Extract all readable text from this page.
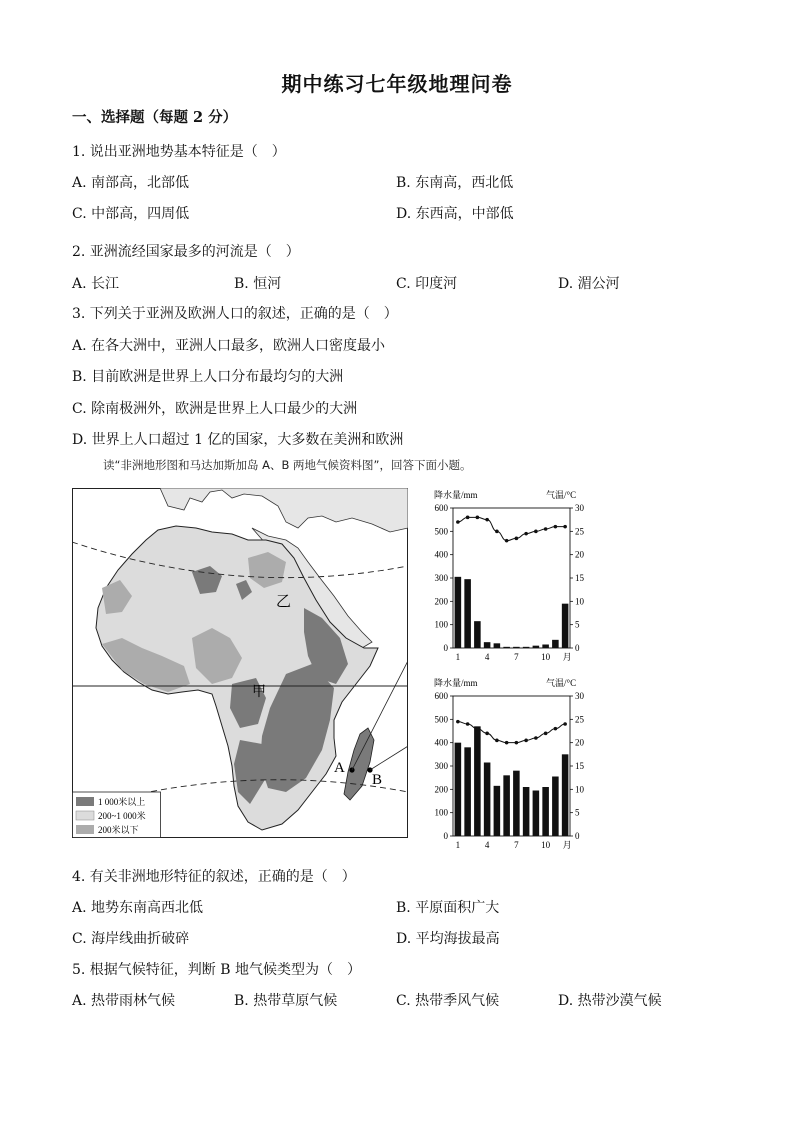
期中练习七年级地理问卷
一、选择题（每题 2 分）
1. 说出亚洲地势基本特征是（　）
A. 南部高，北部低	B. 东南高，西北低
C. 中部高，四周低	D. 东西高，中部低
2. 亚洲流经国家最多的河流是（　）
A. 长江	B. 恒河	C. 印度河	D. 湄公河
3. 下列关于亚洲及欧洲人口的叙述，正确的是（　）
A. 在各大洲中，亚洲人口最多，欧洲人口密度最小
B. 目前欧洲是世界上人口分布最均匀的大洲
C. 除南极洲外，欧洲是世界上人口最少的大洲
D. 世界上人口超过 1 亿的国家，大多数在美洲和欧洲
读“非洲地形图和马达加斯加岛 A、B 两地气候资料图”，回答下面小题。
乙
甲
A
B
1 000米以上
200~1 000米
200米以下
降水量/mm	气温/°C
0
100
200
300
400
500
600
0
5
10
15
20
25
30
1	4	7	10 月
降水量/mm	气温/°C
0
100
200
300
400
500
600
0
5
10
15
20
25
30
1	4	7	10 月
4. 有关非洲地形特征的叙述，正确的是（　）
A. 地势东南高西北低	B. 平原面积广大
C. 海岸线曲折破碎	D. 平均海拔最高
5. 根据气候特征，判断 B 地气候类型为（　）
A. 热带雨林气候	B. 热带草原气候	C. 热带季风气候	D. 热带沙漠气候
